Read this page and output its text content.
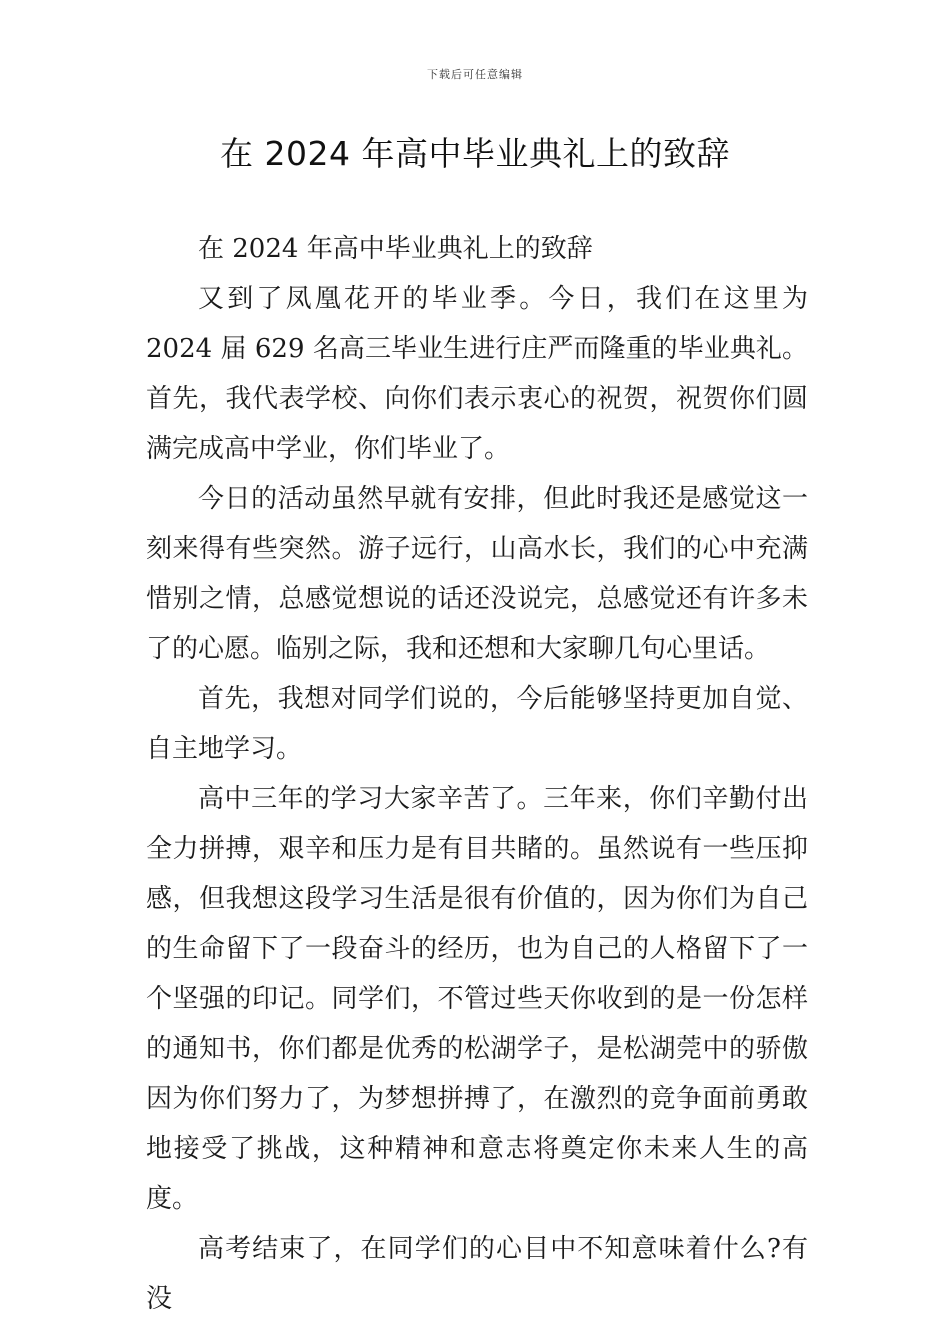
下载后可任意编辑
在 2024 年高中毕业典礼上的致辞

在 2024 年高中毕业典礼上的致辞

又到了凤凰花开的毕业季。今日，我们在这里为 2024 届 629 名高三毕业生进行庄严而隆重的毕业典礼。首先，我代表学校、向你们表示衷心的祝贺，祝贺你们圆满完成高中学业，你们毕业了。

今日的活动虽然早就有安排，但此时我还是感觉这一刻来得有些突然。游子远行，山高水长，我们的心中充满惜别之情，总感觉想说的话还没说完，总感觉还有许多未了的心愿。临别之际，我和还想和大家聊几句心里话。

首先，我想对同学们说的，今后能够坚持更加自觉、自主地学习。

高中三年的学习大家辛苦了。三年来，你们辛勤付出全力拼搏，艰辛和压力是有目共睹的。虽然说有一些压抑感，但我想这段学习生活是很有价值的，因为你们为自己的生命留下了一段奋斗的经历，也为自己的人格留下了一个坚强的印记。同学们，不管过些天你收到的是一份怎样的通知书，你们都是优秀的松湖学子，是松湖莞中的骄傲因为你们努力了，为梦想拼搏了，在激烈的竞争面前勇敢地接受了挑战，这种精神和意志将奠定你未来人生的高度。

高考结束了，在同学们的心目中不知意味着什么?有没
